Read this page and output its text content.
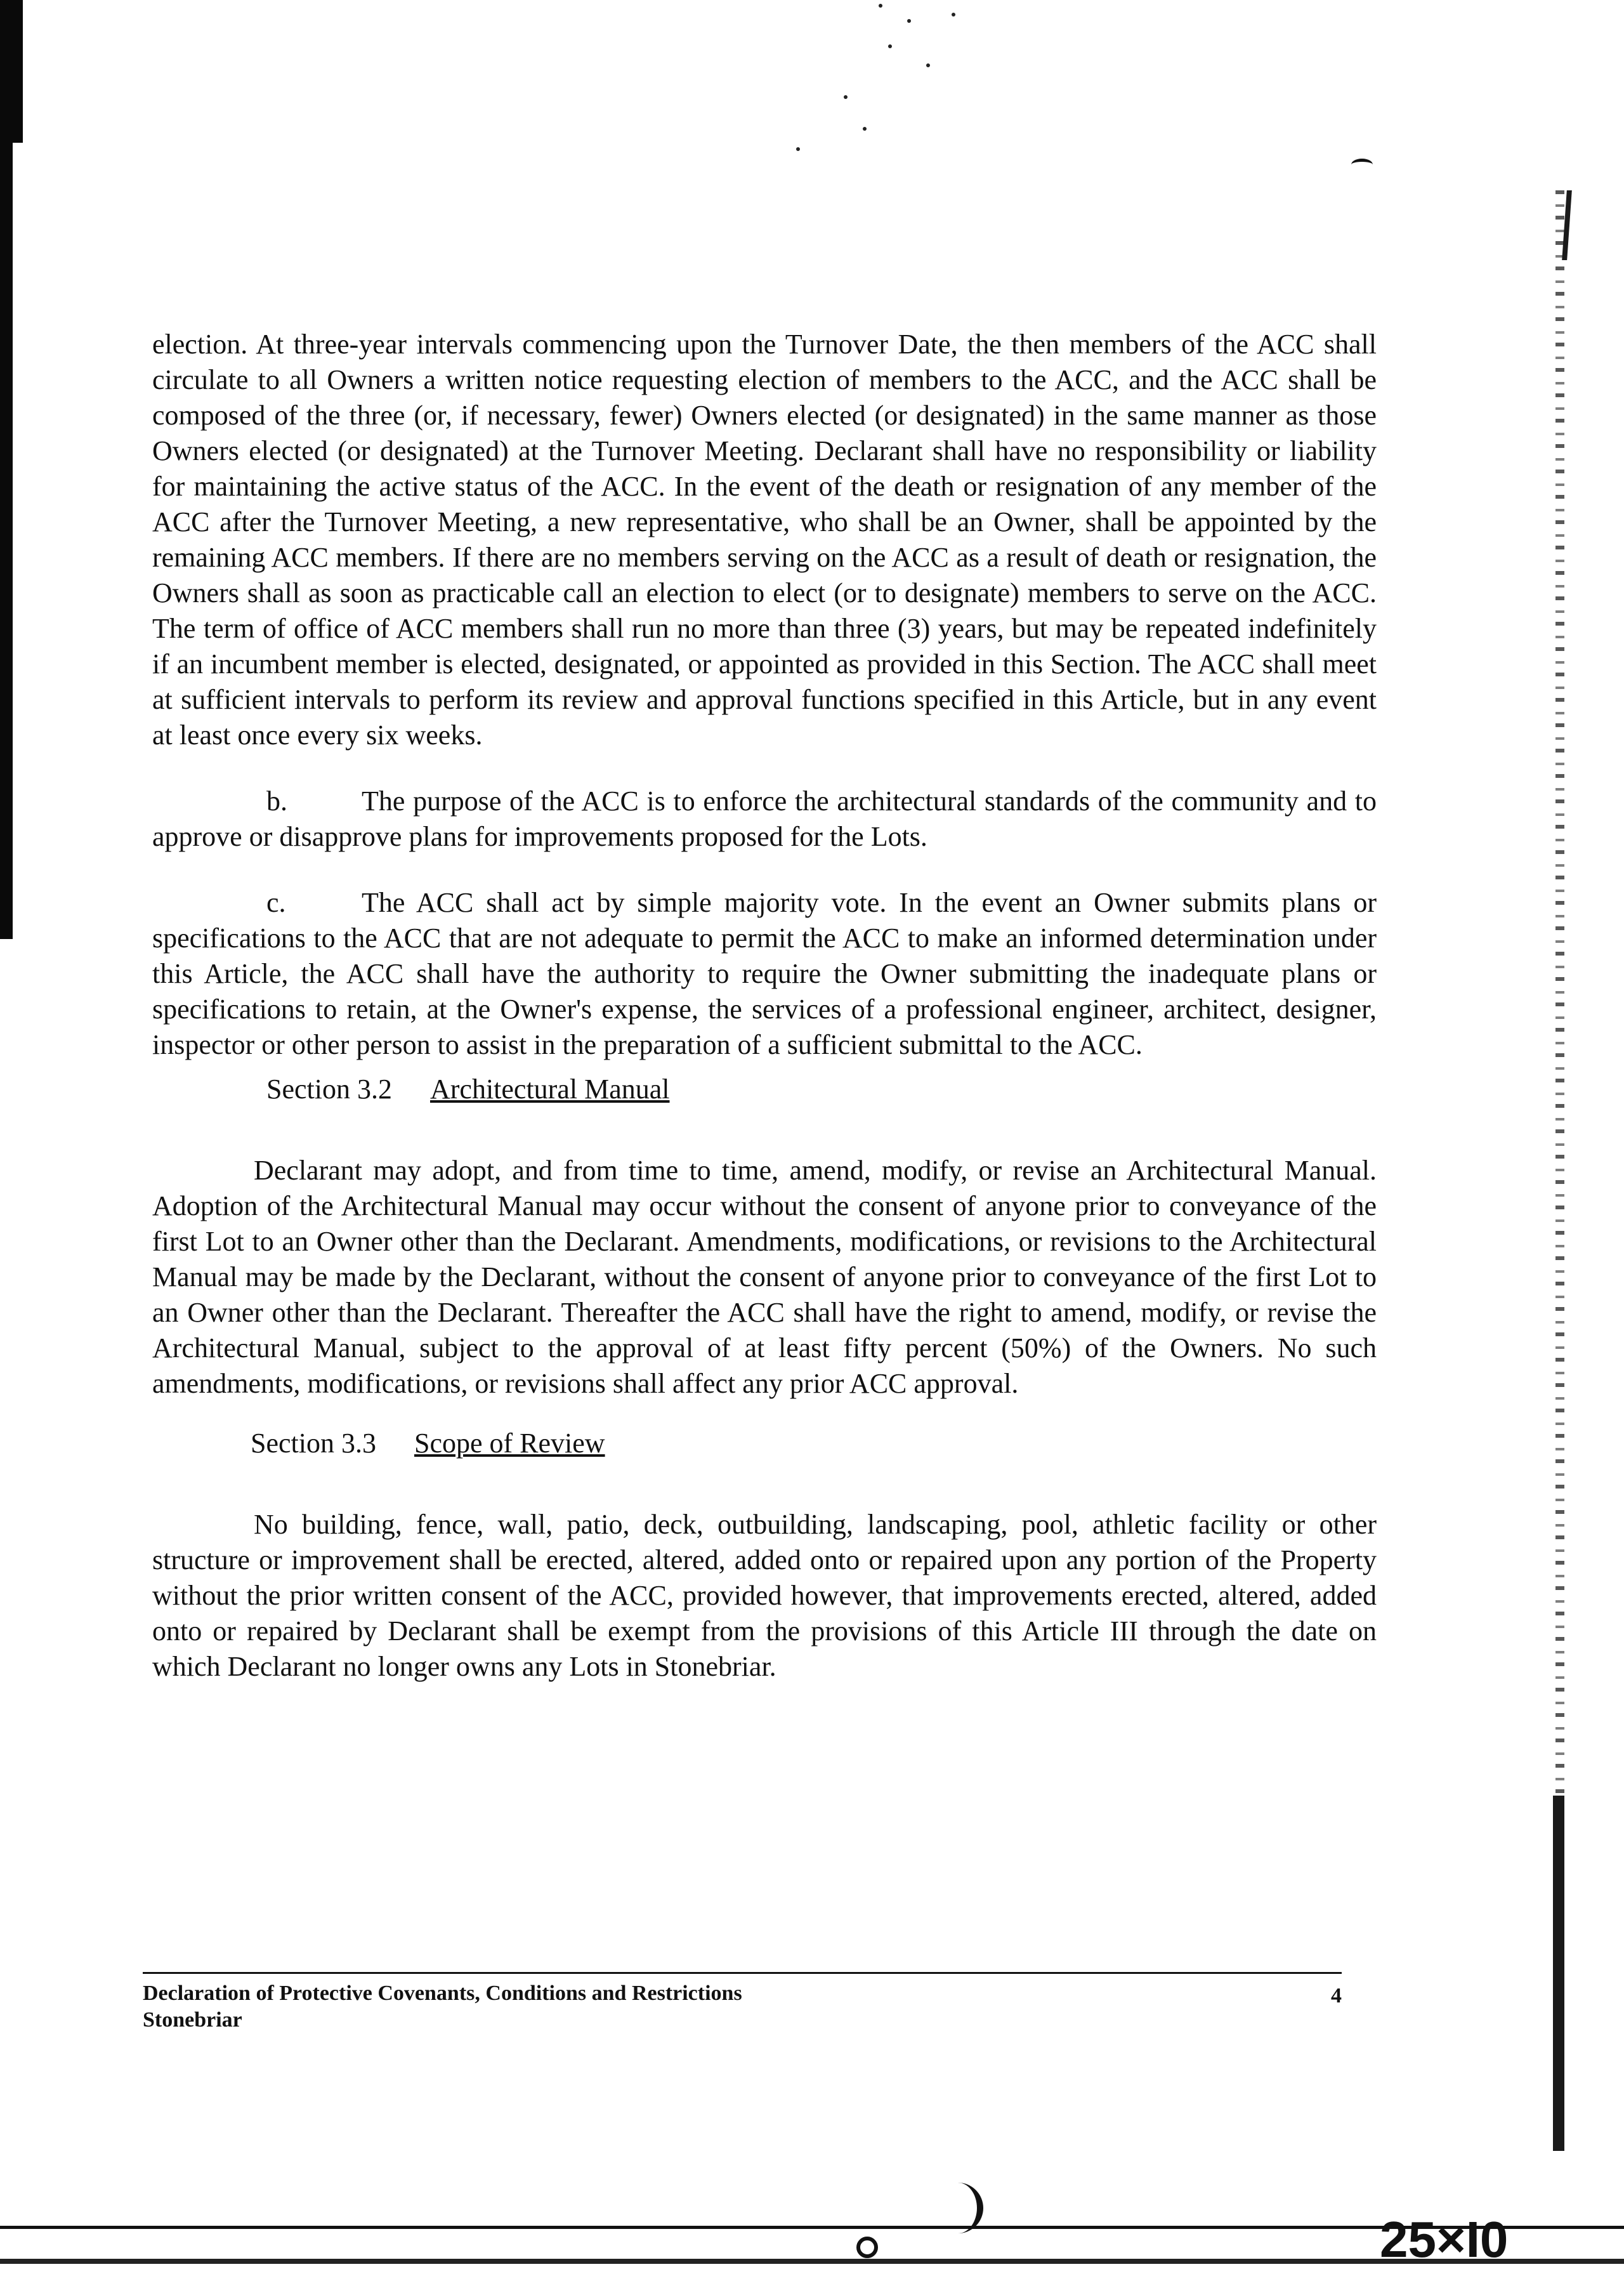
election. At three-year intervals commencing upon the Turnover Date, the then members of the ACC shall circulate to all Owners a written notice requesting election of members to the ACC, and the ACC shall be composed of the three (or, if necessary, fewer) Owners elected (or designated) in the same manner as those Owners elected (or designated) at the Turnover Meeting. Declarant shall have no responsibility or liability for maintaining the active status of the ACC. In the event of the death or resignation of any member of the ACC after the Turnover Meeting, a new representative, who shall be an Owner, shall be appointed by the remaining ACC members. If there are no members serving on the ACC as a result of death or resignation, the Owners shall as soon as practicable call an election to elect (or to designate) members to serve on the ACC. The term of office of ACC members shall run no more than three (3) years, but may be repeated indefinitely if an incumbent member is elected, designated, or appointed as provided in this Section. The ACC shall meet at sufficient intervals to perform its review and approval functions specified in this Article, but in any event at least once every six weeks.

b.	The purpose of the ACC is to enforce the architectural standards of the community and to approve or disapprove plans for improvements proposed for the Lots.

c.	The ACC shall act by simple majority vote. In the event an Owner submits plans or specifications to the ACC that are not adequate to permit the ACC to make an informed determination under this Article, the ACC shall have the authority to require the Owner submitting the inadequate plans or specifications to retain, at the Owner's expense, the services of a professional engineer, architect, designer, inspector or other person to assist in the preparation of a sufficient submittal to the ACC.

Section 3.2 Architectural Manual

Declarant may adopt, and from time to time, amend, modify, or revise an Architectural Manual. Adoption of the Architectural Manual may occur without the consent of anyone prior to conveyance of the first Lot to an Owner other than the Declarant. Amendments, modifications, or revisions to the Architectural Manual may be made by the Declarant, without the consent of anyone prior to conveyance of the first Lot to an Owner other than the Declarant. Thereafter the ACC shall have the right to amend, modify, or revise the Architectural Manual, subject to the approval of at least fifty percent (50%) of the Owners. No such amendments, modifications, or revisions shall affect any prior ACC approval.

Section 3.3 Scope of Review

No building, fence, wall, patio, deck, outbuilding, landscaping, pool, athletic facility or other structure or improvement shall be erected, altered, added onto or repaired upon any portion of the Property without the prior written consent of the ACC, provided however, that improvements erected, altered, added onto or repaired by Declarant shall be exempt from the provisions of this Article III through the date on which Declarant no longer owns any Lots in Stonebriar.

Declaration of Protective Covenants, Conditions and Restrictions
Stonebriar
4
25×I0
